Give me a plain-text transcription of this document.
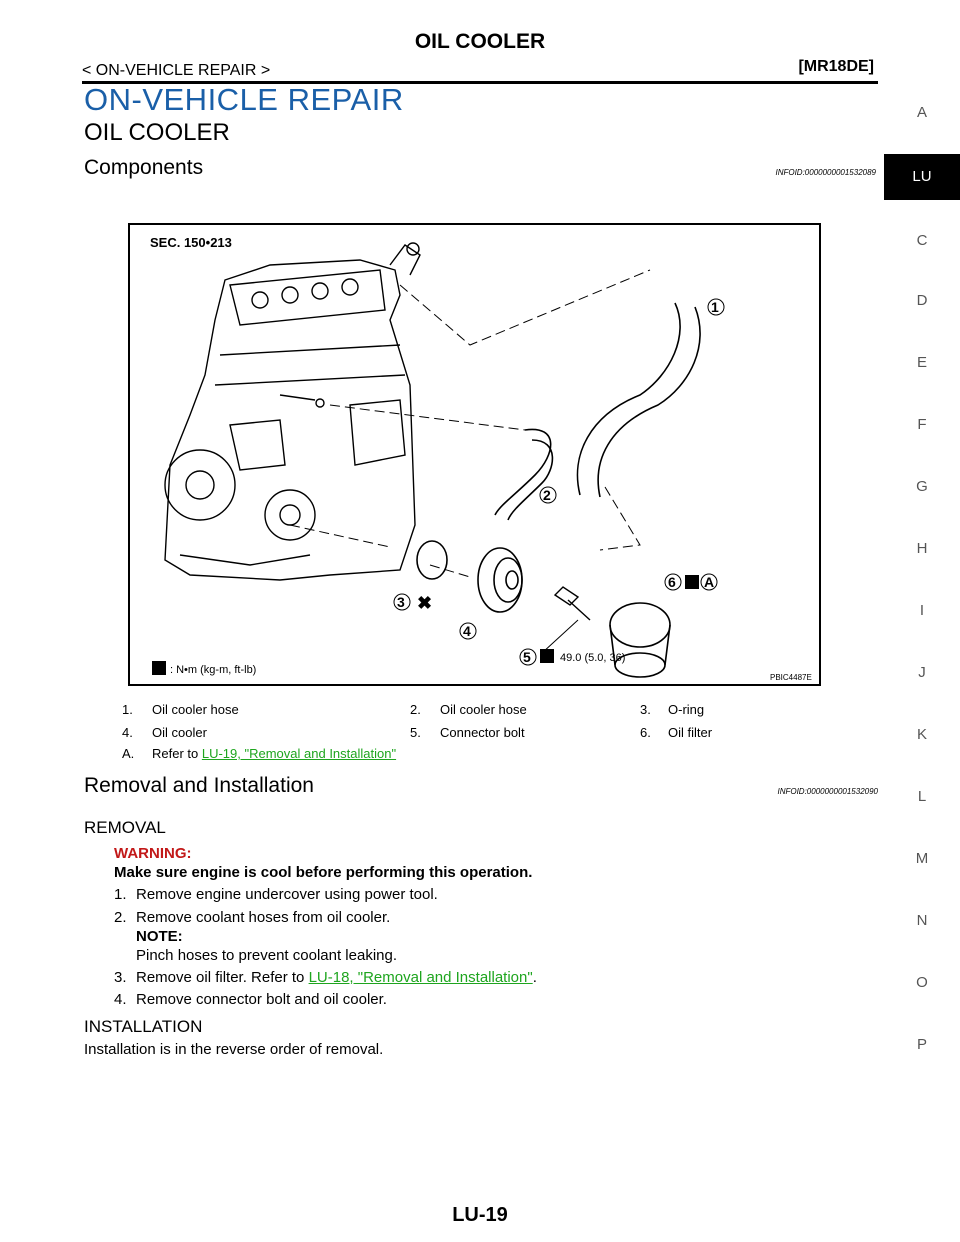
OIL COOLER
< ON-VEHICLE REPAIR >	[MR18DE]
ON-VEHICLE REPAIR
OIL COOLER
Components	INFOID:0000000001532089
A
LU
C
D
E
F
G
H
I
J
K
L
M
N
O
P
SEC. 150•213
1
2
3 ✖
4
5
6 A
49.0 (5.0, 36)
: N•m (kg-m, ft-lb)
PBIC4487E
1. Oil cooler hose	2. Oil cooler hose	3. O-ring
4. Oil cooler	5. Connector bolt	6. Oil filter
A. Refer to LU-19, "Removal and Installation"
Removal and Installation	INFOID:0000000001532090
REMOVAL
WARNING:
Make sure engine is cool before performing this operation.
1. Remove engine undercover using power tool.
2. Remove coolant hoses from oil cooler.
NOTE:
Pinch hoses to prevent coolant leaking.
3. Remove oil filter. Refer to LU-18, "Removal and Installation".
4. Remove connector bolt and oil cooler.
INSTALLATION
Installation is in the reverse order of removal.
LU-19
